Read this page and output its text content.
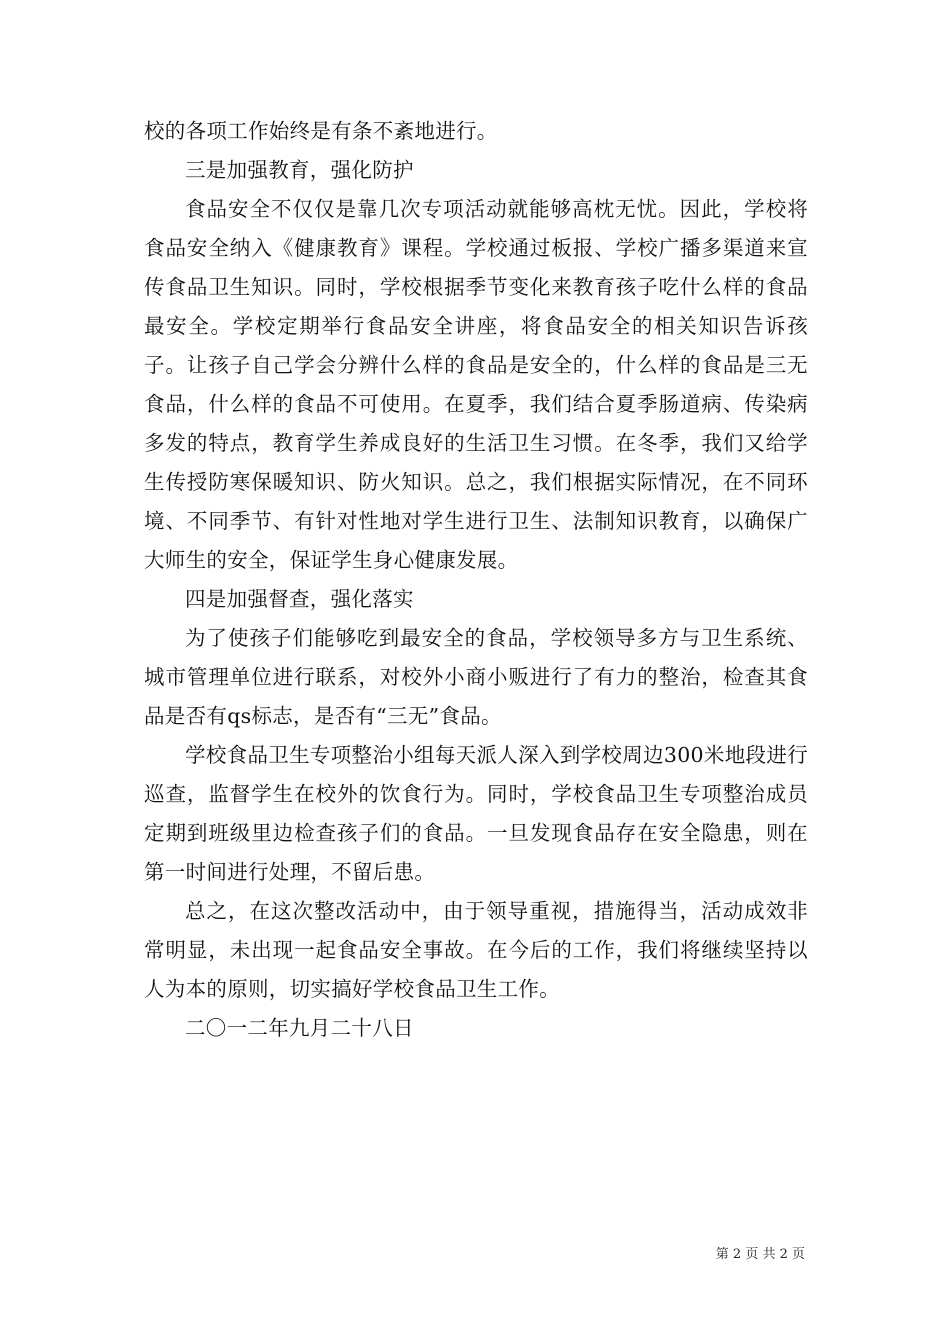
校的各项工作始终是有条不紊地进行。

三是加强教育，强化防护

食品安全不仅仅是靠几次专项活动就能够高枕无忧。因此，学校将食品安全纳入《健康教育》课程。学校通过板报、学校广播多渠道来宣传食品卫生知识。同时，学校根据季节变化来教育孩子吃什么样的食品最安全。学校定期举行食品安全讲座，将食品安全的相关知识告诉孩子。让孩子自己学会分辨什么样的食品是安全的，什么样的食品是三无食品，什么样的食品不可使用。在夏季，我们结合夏季肠道病、传染病多发的特点，教育学生养成良好的生活卫生习惯。在冬季，我们又给学生传授防寒保暖知识、防火知识。总之，我们根据实际情况，在不同环境、不同季节、有针对性地对学生进行卫生、法制知识教育，以确保广大师生的安全，保证学生身心健康发展。

四是加强督查，强化落实

为了使孩子们能够吃到最安全的食品，学校领导多方与卫生系统、城市管理单位进行联系，对校外小商小贩进行了有力的整治，检查其食品是否有qs标志，是否有“三无”食品。

学校食品卫生专项整治小组每天派人深入到学校周边300米地段进行巡查，监督学生在校外的饮食行为。同时，学校食品卫生专项整治成员定期到班级里边检查孩子们的食品。一旦发现食品存在安全隐患，则在第一时间进行处理，不留后患。

总之，在这次整改活动中，由于领导重视，措施得当，活动成效非常明显，未出现一起食品安全事故。在今后的工作，我们将继续坚持以人为本的原则，切实搞好学校食品卫生工作。

二〇一二年九月二十八日

第 2 页 共 2 页
